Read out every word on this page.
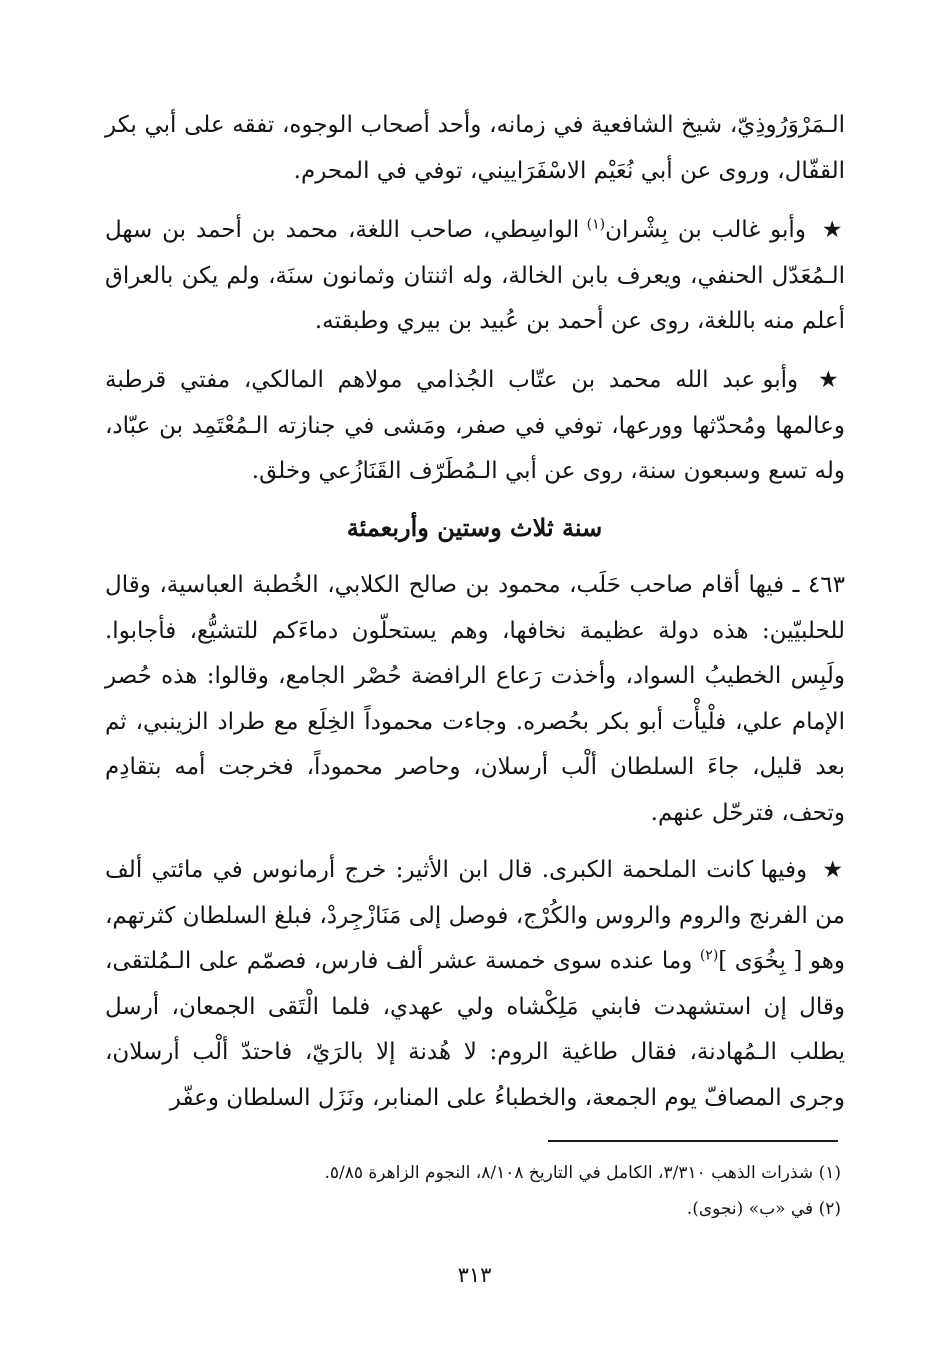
الـمَرْوَرُوذِيّ، شيخ الشافعية في زمانه، وأحد أصحاب الوجوه، تفقه على أبي بكر القفّال، وروى عن أبي نُعَيْم الاسْفَرَاييني، توفي في المحرم.

★ وأبو غالب بن بِشْران$^{(١)}$ الواسِطي، صاحب اللغة، محمد بن أحمد بن سهل الـمُعَدّل الحنفي، ويعرف بابن الخالة، وله اثنتان وثمانون سنَة، ولم يكن بالعراق أعلم منه باللغة، روى عن أحمد بن عُبيد بن بيري وطبقته.

★ وأبو عبد الله محمد بن عتّاب الجُذامي مولاهم المالكي، مفتي قرطبة وعالمها ومُحدّثها وورعها، توفي في صفر، ومَشى في جنازته الـمُعْتَمِد بن عبّاد، وله تسع وسبعون سنة، روى عن أبي الـمُطَرّف القَنَازُعي وخلق.

سنة ثلاث وستين وأربعمئة

٤٦٣ ـ فيها أقام صاحب حَلَب، محمود بن صالح الكلابي، الخُطبة العباسية، وقال للحلبيّين: هذه دولة عظيمة نخافها، وهم يستحلّون دماءَكم للتشيُّع، فأجابوا. ولَبِس الخطيبُ السواد، وأخذت رَعاع الرافضة حُصْر الجامع، وقالوا: هذه حُصر الإمام علي، فلْيأْت أبو بكر بحُصره. وجاءت محموداً الخِلَع مع طراد الزينبي، ثم بعد قليل، جاءَ السلطان ألْب أرسلان، وحاصر محموداً، فخرجت أمه بتقادِم وتحف، فترحّل عنهم.

★ وفيها كانت الملحمة الكبرى. قال ابن الأثير: خرج أرمانوس في مائتي ألف من الفرنج والروم والروس والكُرْج، فوصل إلى مَنَازْجِردْ، فبلغ السلطان كثرتهم، وهو [ بِخُوَى ]$^{(٢)}$ وما عنده سوى خمسة عشر ألف فارس، فصمّم على الـمُلتقى، وقال إن استشهدت فابني مَلِكْشاه ولي عهدي، فلما الْتَقى الجمعان، أرسل يطلب الـمُهادنة، فقال طاغية الروم: لا هُدنة إلا بالرَيّ، فاحتدّ ألْب أرسلان، وجرى المصافّ يوم الجمعة، والخطباءُ على المنابر، ونَزَل السلطان وعفّر

(١) شذرات الذهب ٣/٣١٠، الكامل في التاريخ ٨/١٠٨، النجوم الزاهرة ٥/٨٥.

(٢) في «ب» (نجوى).

٣١٣
